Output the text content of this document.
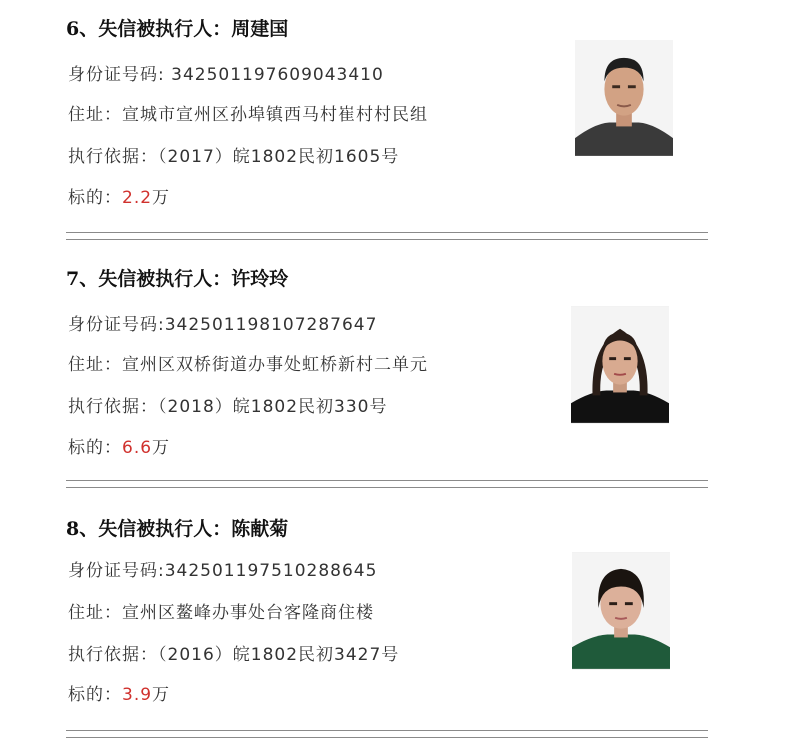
6、失信被执行人：周建国
身份证号码: 342501197609043410
住址：宣城市宣州区孙埠镇西马村崔村村民组
执行依据：（2017）皖1802民初1605号
标的：2.2万
7、失信被执行人：许玲玲
身份证号码:342501198107287647
住址：宣州区双桥街道办事处虹桥新村二单元
执行依据：（2018）皖1802民初330号
标的：6.6万
8、失信被执行人：陈献菊
身份证号码:342501197510288645
住址：宣州区鳌峰办事处台客隆商住楼
执行依据：（2016）皖1802民初3427号
标的：3.9万
